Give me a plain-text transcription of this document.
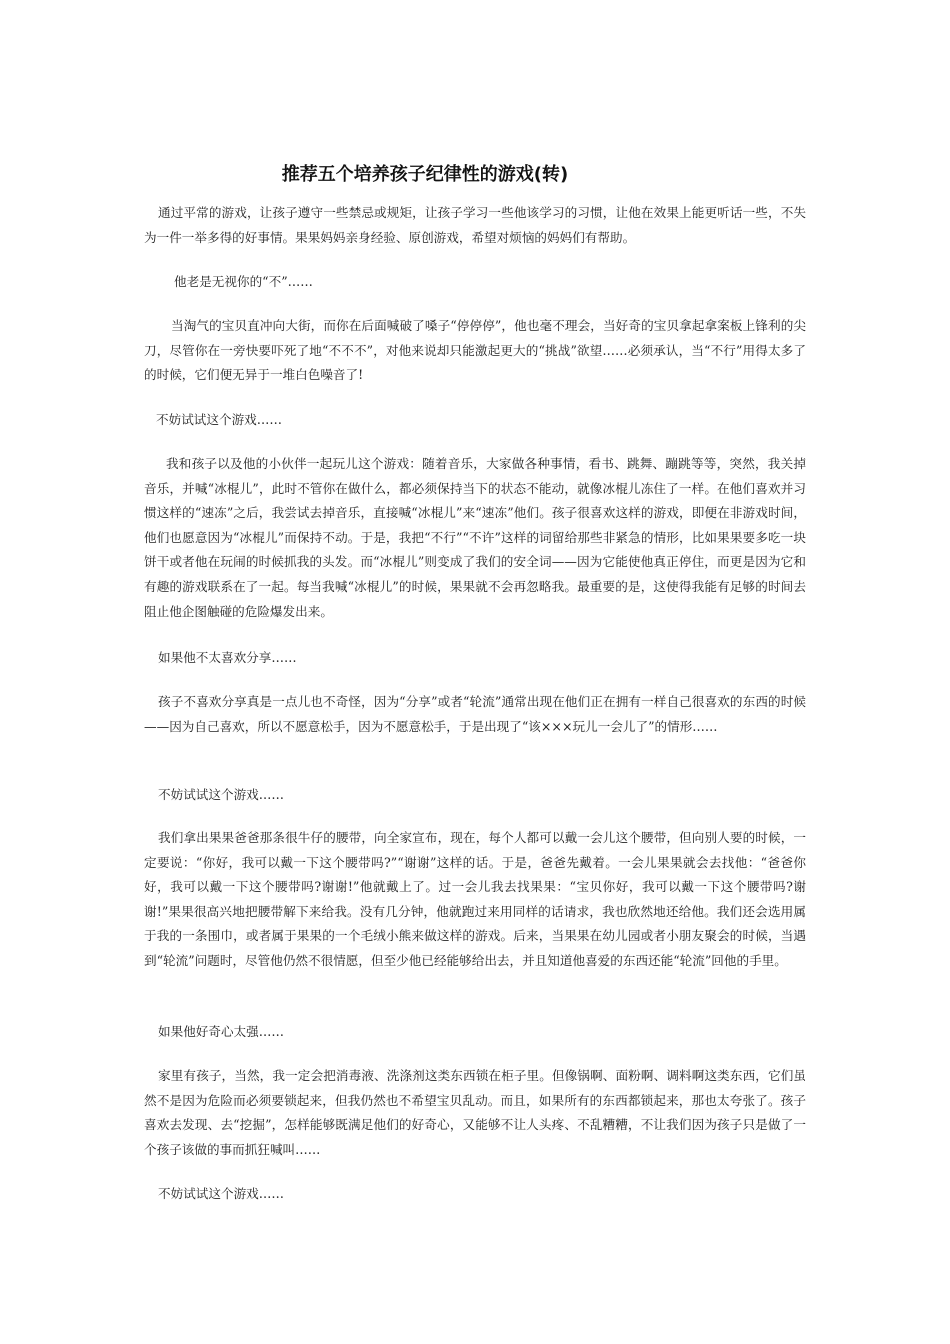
推荐五个培养孩子纪律性的游戏(转)

通过平常的游戏，让孩子遵守一些禁忌或规矩，让孩子学习一些他该学习的习惯，让他在效果上能更听话一些，不失为一件一举多得的好事情。果果妈妈亲身经验、原创游戏，希望对烦恼的妈妈们有帮助。

他老是无视你的“不”……

当淘气的宝贝直冲向大街，而你在后面喊破了嗓子“停停停”，他也毫不理会，当好奇的宝贝拿起拿案板上锋利的尖刀，尽管你在一旁快要吓死了地“不不不”，对他来说却只能激起更大的“挑战”欲望……必须承认，当“不行”用得太多了的时候，它们便无异于一堆白色噪音了!

不妨试试这个游戏……

我和孩子以及他的小伙伴一起玩儿这个游戏：随着音乐，大家做各种事情，看书、跳舞、蹦跳等等，突然，我关掉音乐，并喊“冰棍儿”，此时不管你在做什么，都必须保持当下的状态不能动，就像冰棍儿冻住了一样。在他们喜欢并习惯这样的“速冻”之后，我尝试去掉音乐，直接喊“冰棍儿”来“速冻”他们。孩子很喜欢这样的游戏，即便在非游戏时间，他们也愿意因为“冰棍儿”而保持不动。于是，我把“不行”“不许”这样的词留给那些非紧急的情形，比如果果要多吃一块饼干或者他在玩闹的时候抓我的头发。而“冰棍儿”则变成了我们的安全词——因为它能使他真正停住，而更是因为它和有趣的游戏联系在了一起。每当我喊“冰棍儿”的时候，果果就不会再忽略我。最重要的是，这使得我能有足够的时间去阻止他企图触碰的危险爆发出来。

如果他不太喜欢分享……

孩子不喜欢分享真是一点儿也不奇怪，因为“分享”或者“轮流”通常出现在他们正在拥有一样自己很喜欢的东西的时候——因为自己喜欢，所以不愿意松手，因为不愿意松手，于是出现了“该×××玩儿一会儿了”的情形……

不妨试试这个游戏……

我们拿出果果爸爸那条很牛仔的腰带，向全家宣布，现在，每个人都可以戴一会儿这个腰带，但向别人要的时候，一定要说：“你好，我可以戴一下这个腰带吗?”“谢谢”这样的话。于是，爸爸先戴着。一会儿果果就会去找他：“爸爸你好，我可以戴一下这个腰带吗?谢谢!”他就戴上了。过一会儿我去找果果：“宝贝你好，我可以戴一下这个腰带吗?谢谢!”果果很高兴地把腰带解下来给我。没有几分钟，他就跑过来用同样的话请求，我也欣然地还给他。我们还会选用属于我的一条围巾，或者属于果果的一个毛绒小熊来做这样的游戏。后来，当果果在幼儿园或者小朋友聚会的时候，当遇到“轮流”问题时，尽管他仍然不很情愿，但至少他已经能够给出去，并且知道他喜爱的东西还能“轮流”回他的手里。

如果他好奇心太强……

家里有孩子，当然，我一定会把消毒液、洗涤剂这类东西锁在柜子里。但像锅啊、面粉啊、调料啊这类东西，它们虽然不是因为危险而必须要锁起来，但我仍然也不希望宝贝乱动。而且，如果所有的东西都锁起来，那也太夸张了。孩子喜欢去发现、去“挖掘”，怎样能够既满足他们的好奇心，又能够不让人头疼、不乱糟糟，不让我们因为孩子只是做了一个孩子该做的事而抓狂喊叫……

不妨试试这个游戏……
